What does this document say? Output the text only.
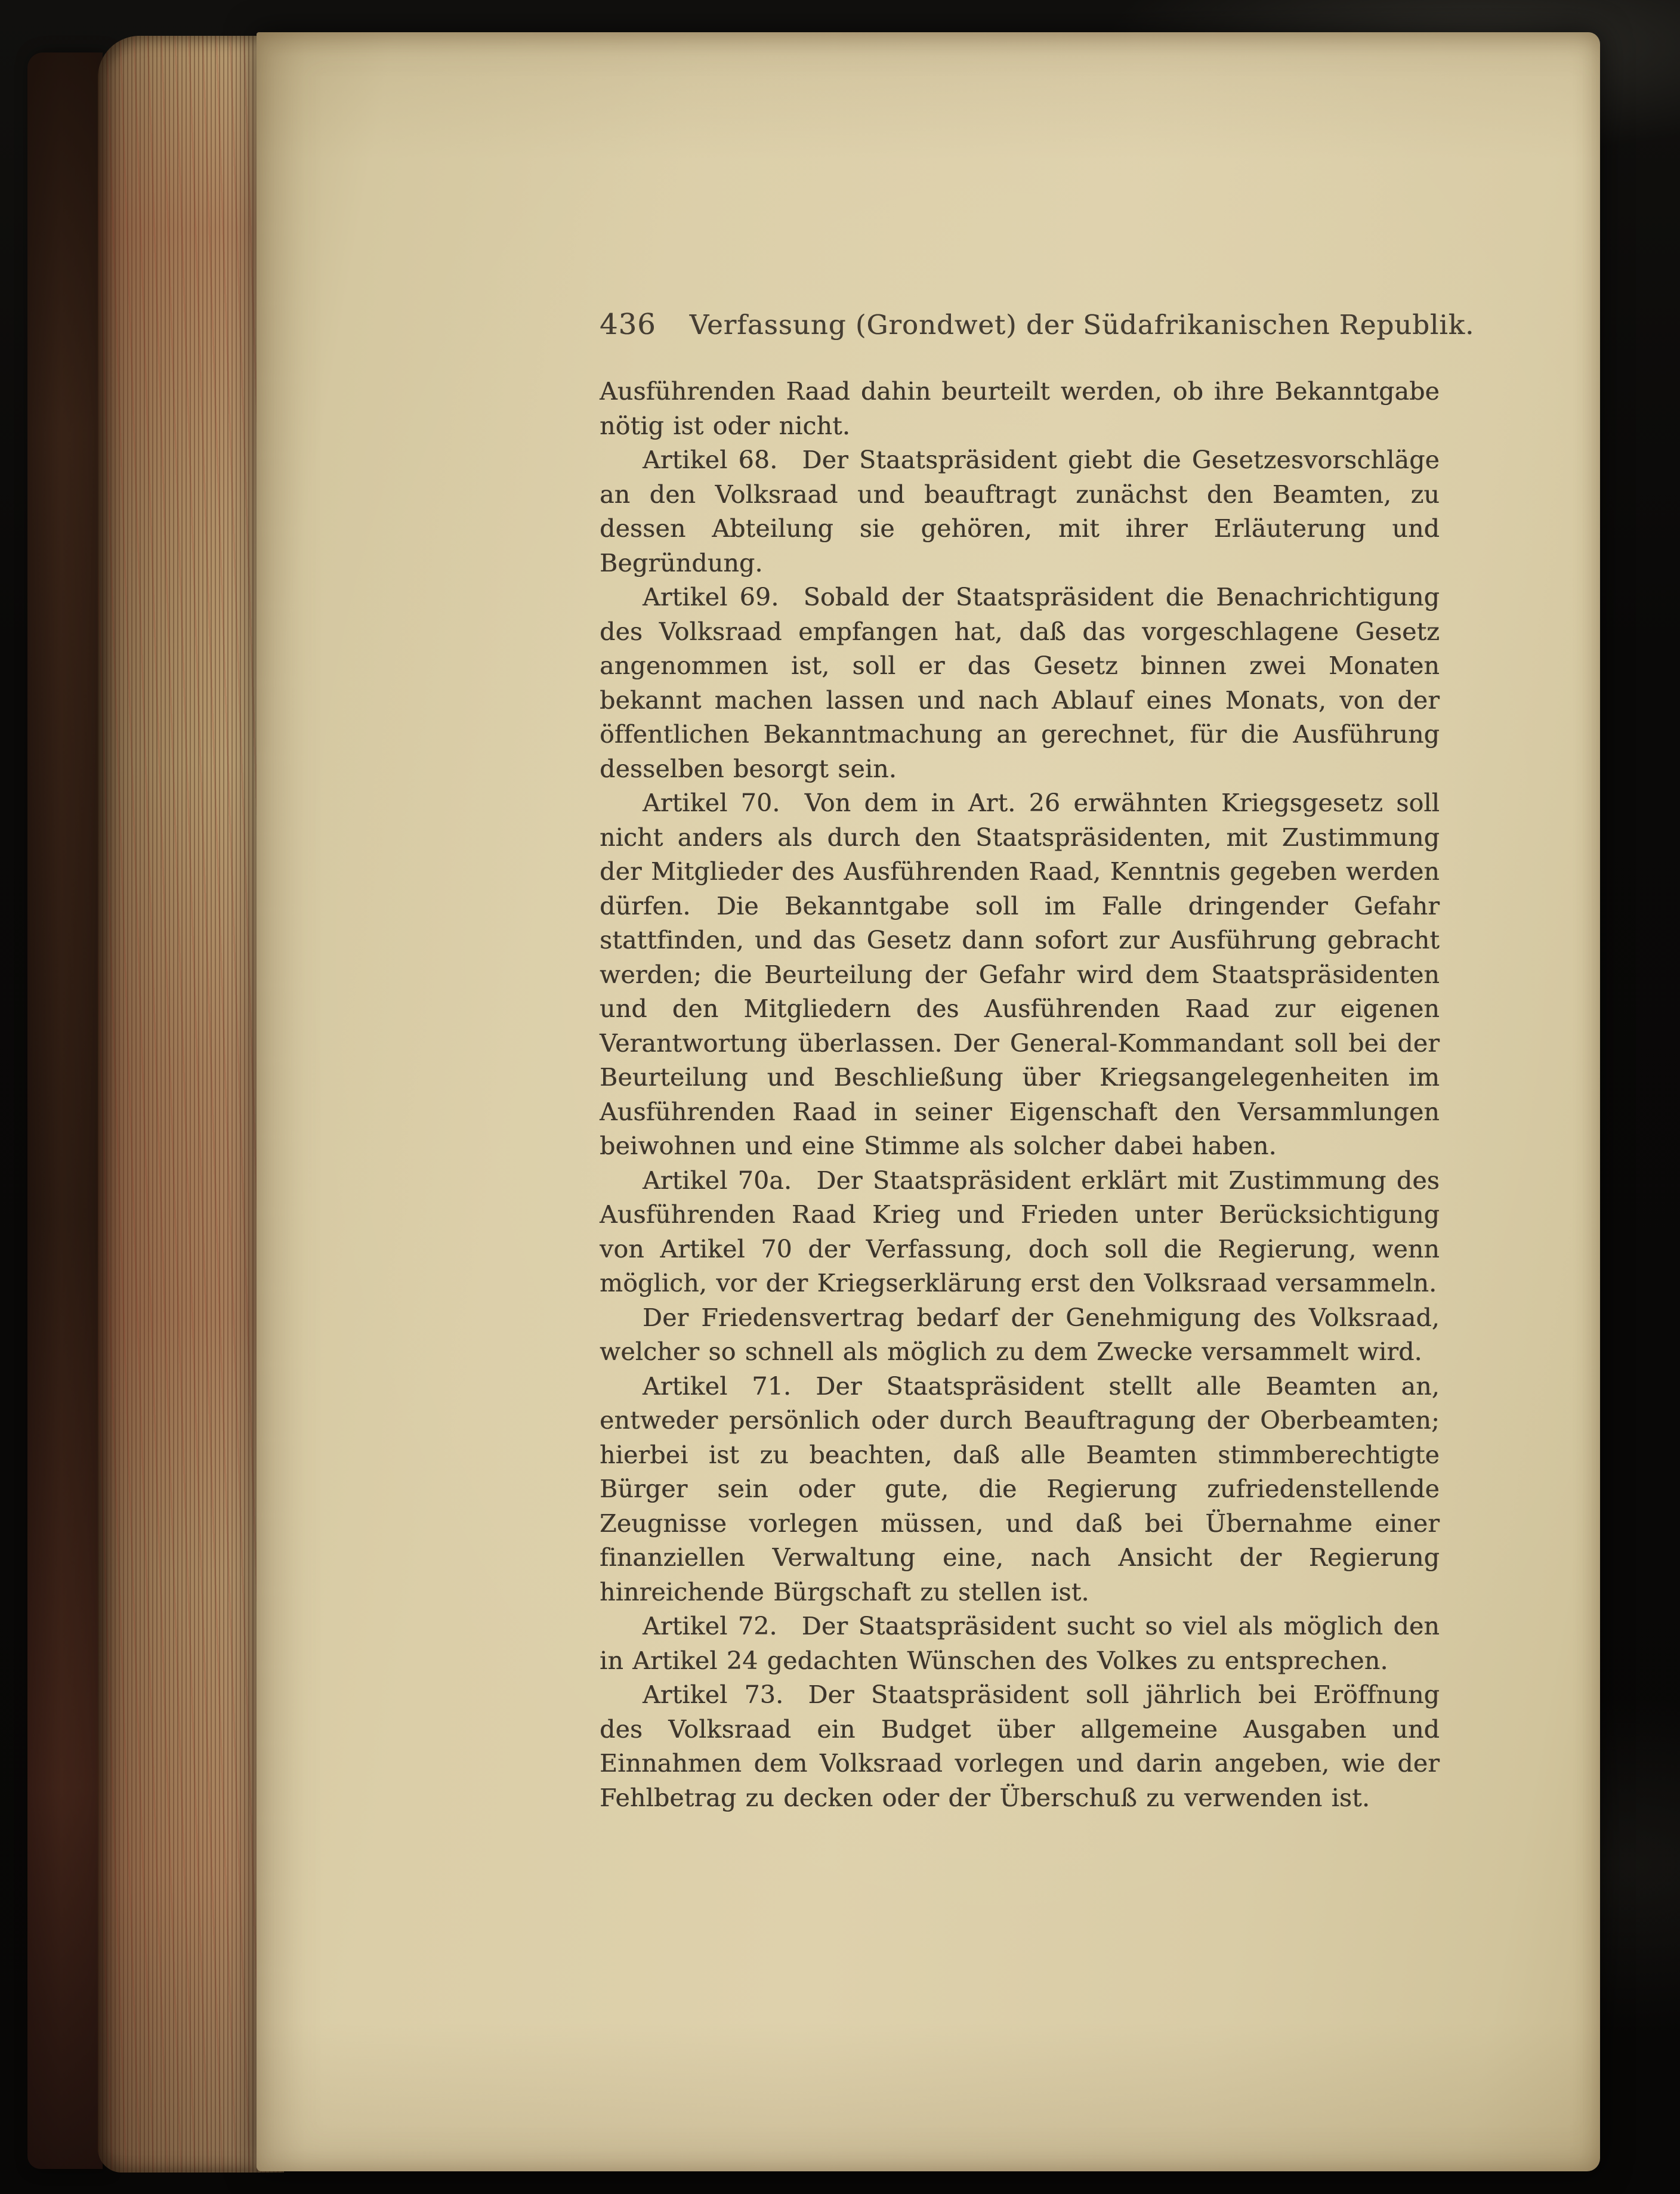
436 Verfassung (Grondwet) der Südafrikanischen Republik.

Ausführenden Raad dahin beurteilt werden, ob ihre Bekanntgabe nötig ist oder nicht.

Artikel 68. Der Staatspräsident giebt die Gesetzesvorschläge an den Volksraad und beauftragt zunächst den Beamten, zu dessen Abteilung sie gehören, mit ihrer Erläuterung und Begründung.

Artikel 69. Sobald der Staatspräsident die Benachrichtigung des Volksraad empfangen hat, daß das vorgeschlagene Gesetz angenommen ist, soll er das Gesetz binnen zwei Monaten bekannt machen lassen und nach Ablauf eines Monats, von der öffentlichen Bekanntmachung an gerechnet, für die Ausführung desselben besorgt sein.

Artikel 70. Von dem in Art. 26 erwähnten Kriegsgesetz soll nicht anders als durch den Staatspräsidenten, mit Zustimmung der Mitglieder des Ausführenden Raad, Kenntnis gegeben werden dürfen. Die Bekanntgabe soll im Falle dringender Gefahr stattfinden, und das Gesetz dann sofort zur Ausführung gebracht werden; die Beurteilung der Gefahr wird dem Staatspräsidenten und den Mitgliedern des Ausführenden Raad zur eigenen Verantwortung überlassen. Der General-Kommandant soll bei der Beurteilung und Beschließung über Kriegsangelegenheiten im Ausführenden Raad in seiner Eigenschaft den Versammlungen beiwohnen und eine Stimme als solcher dabei haben.

Artikel 70a. Der Staatspräsident erklärt mit Zustimmung des Ausführenden Raad Krieg und Frieden unter Berücksichtigung von Artikel 70 der Verfassung, doch soll die Regierung, wenn möglich, vor der Kriegserklärung erst den Volksraad versammeln.

Der Friedensvertrag bedarf der Genehmigung des Volksraad, welcher so schnell als möglich zu dem Zwecke versammelt wird.

Artikel 71. Der Staatspräsident stellt alle Beamten an, entweder persönlich oder durch Beauftragung der Oberbeamten; hierbei ist zu beachten, daß alle Beamten stimmberechtigte Bürger sein oder gute, die Regierung zufriedenstellende Zeugnisse vorlegen müssen, und daß bei Übernahme einer finanziellen Verwaltung eine, nach Ansicht der Regierung hinreichende Bürgschaft zu stellen ist.

Artikel 72. Der Staatspräsident sucht so viel als möglich den in Artikel 24 gedachten Wünschen des Volkes zu entsprechen.

Artikel 73. Der Staatspräsident soll jährlich bei Eröffnung des Volksraad ein Budget über allgemeine Ausgaben und Einnahmen dem Volksraad vorlegen und darin angeben, wie der Fehlbetrag zu decken oder der Überschuß zu verwenden ist.
